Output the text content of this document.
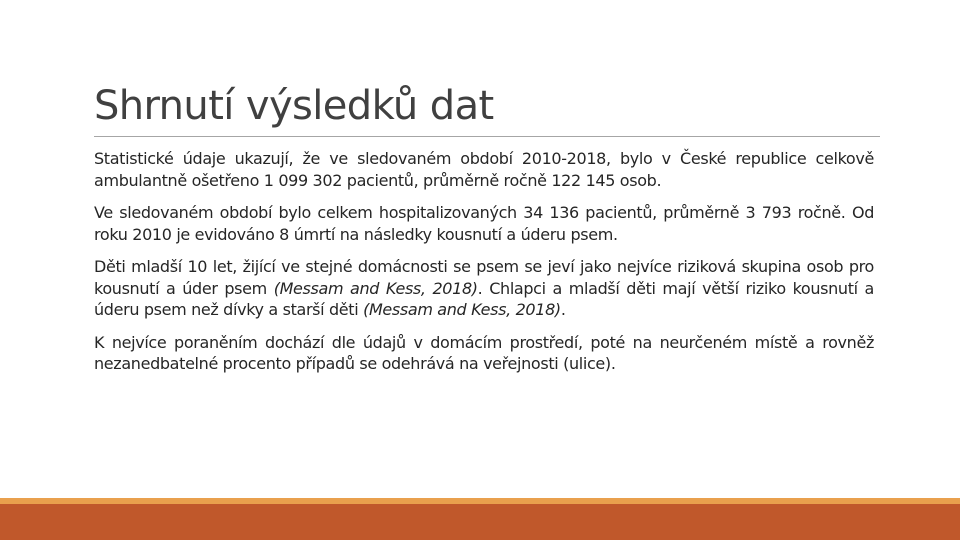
Shrnutí výsledků dat

Statistické údaje ukazují, že ve sledovaném období 2010-2018, bylo v České republice celkově ambulantně ošetřeno 1 099 302 pacientů, průměrně ročně 122 145 osob.

Ve sledovaném období bylo celkem hospitalizovaných 34 136 pacientů, průměrně 3 793 ročně. Od roku 2010 je evidováno 8 úmrtí na následky kousnutí a úderu psem.

Děti mladší 10 let, žijící ve stejné domácnosti se psem se jeví jako nejvíce riziková skupina osob pro kousnutí a úder psem (Messam and Kess, 2018). Chlapci a mladší děti mají větší riziko kousnutí a úderu psem než dívky a starší děti (Messam and Kess, 2018).

K nejvíce poraněním dochází dle údajů v domácím prostředí, poté na neurčeném místě a rovněž nezanedbatelné procento případů se odehrává na veřejnosti (ulice).
